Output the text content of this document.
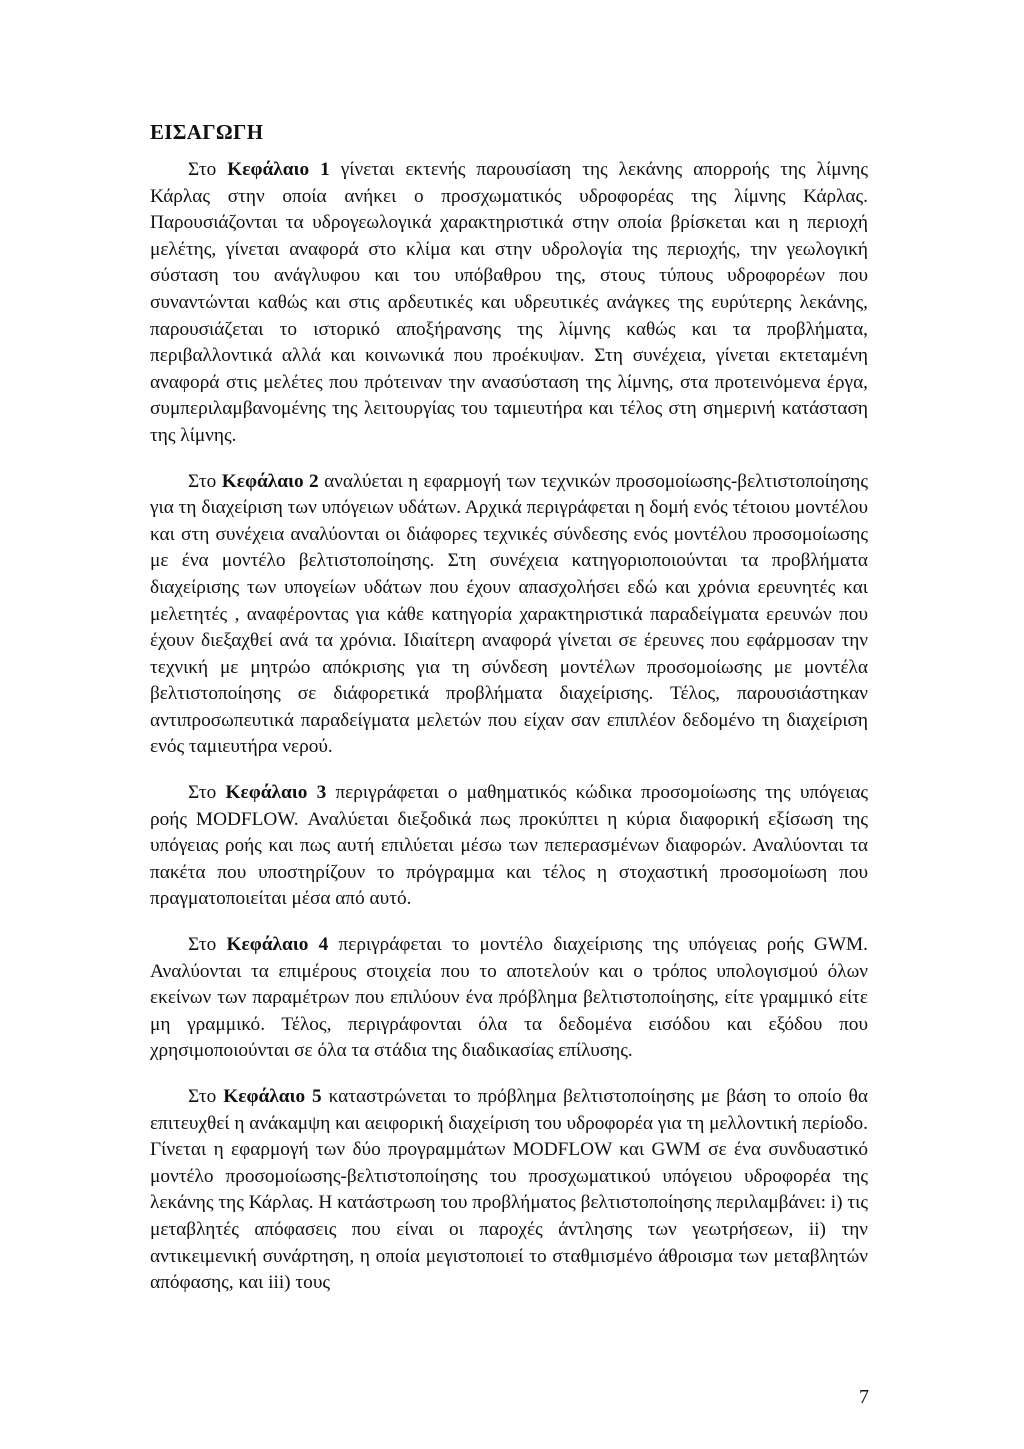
ΕΙΣΑΓΩΓΗ

Στο Κεφάλαιο 1 γίνεται εκτενής παρουσίαση της λεκάνης απορροής της λίμνης Κάρλας στην οποία ανήκει ο προσχωματικός υδροφορέας της λίμνης Κάρλας. Παρουσιάζονται τα υδρογεωλογικά χαρακτηριστικά στην οποία βρίσκεται και η περιοχή μελέτης, γίνεται αναφορά στο κλίμα και στην υδρολογία της περιοχής, την γεωλογική σύσταση του ανάγλυφου και του υπόβαθρου της, στους τύπους υδροφορέων που συναντώνται καθώς και στις αρδευτικές και υδρευτικές ανάγκες της ευρύτερης λεκάνης, παρουσιάζεται το ιστορικό αποξήρανσης της λίμνης καθώς και τα προβλήματα, περιβαλλοντικά αλλά και κοινωνικά που προέκυψαν. Στη συνέχεια, γίνεται εκτεταμένη αναφορά στις μελέτες που πρότειναν την ανασύσταση της λίμνης, στα προτεινόμενα έργα, συμπεριλαμβανομένης της λειτουργίας του ταμιευτήρα και τέλος στη σημερινή κατάσταση της λίμνης.

Στο Κεφάλαιο 2 αναλύεται η εφαρμογή των τεχνικών προσομοίωσης-βελτιστοποίησης για τη διαχείριση των υπόγειων υδάτων. Αρχικά περιγράφεται η δομή ενός τέτοιου μοντέλου και στη συνέχεια αναλύονται οι διάφορες τεχνικές σύνδεσης ενός μοντέλου προσομοίωσης με ένα μοντέλο βελτιστοποίησης. Στη συνέχεια κατηγοριοποιούνται τα προβλήματα διαχείρισης των υπογείων υδάτων που έχουν απασχολήσει εδώ και χρόνια ερευνητές και μελετητές , αναφέροντας για κάθε κατηγορία χαρακτηριστικά παραδείγματα ερευνών που έχουν διεξαχθεί ανά τα χρόνια. Ιδιαίτερη αναφορά γίνεται σε έρευνες που εφάρμοσαν την τεχνική με μητρώο απόκρισης για τη σύνδεση μοντέλων προσομοίωσης με μοντέλα βελτιστοποίησης σε διάφορετικά προβλήματα διαχείρισης. Τέλος, παρουσιάστηκαν αντιπροσωπευτικά παραδείγματα μελετών που είχαν σαν επιπλέον δεδομένο τη διαχείριση ενός ταμιευτήρα νερού.

Στο Κεφάλαιο 3 περιγράφεται ο μαθηματικός κώδικα προσομοίωσης της υπόγειας ροής MODFLOW. Αναλύεται διεξοδικά πως προκύπτει η κύρια διαφορική εξίσωση της υπόγειας ροής και πως αυτή επιλύεται μέσω των πεπερασμένων διαφορών. Αναλύονται τα πακέτα που υποστηρίζουν το πρόγραμμα και τέλος η στοχαστική προσομοίωση που πραγματοποιείται μέσα από αυτό.

Στο Κεφάλαιο 4 περιγράφεται το μοντέλο διαχείρισης της υπόγειας ροής GWM. Αναλύονται τα επιμέρους στοιχεία που το αποτελούν και ο τρόπος υπολογισμού όλων εκείνων των παραμέτρων που επιλύουν ένα πρόβλημα βελτιστοποίησης, είτε γραμμικό είτε μη γραμμικό. Τέλος, περιγράφονται όλα τα δεδομένα εισόδου και εξόδου που χρησιμοποιούνται σε όλα τα στάδια της διαδικασίας επίλυσης.

Στο Κεφάλαιο 5 καταστρώνεται το πρόβλημα βελτιστοποίησης με βάση το οποίο θα επιτευχθεί η ανάκαμψη και αειφορική διαχείριση του υδροφορέα για τη μελλοντική περίοδο. Γίνεται η εφαρμογή των δύο προγραμμάτων MODFLOW και GWM σε ένα συνδυαστικό μοντέλο προσομοίωσης-βελτιστοποίησης του προσχωματικού υπόγειου υδροφορέα της λεκάνης της Κάρλας. Η κατάστρωση του προβλήματος βελτιστοποίησης περιλαμβάνει: i) τις μεταβλητές απόφασεις που είναι οι παροχές άντλησης των γεωτρήσεων, ii) την αντικειμενική συνάρτηση, η οποία μεγιστοποιεί το σταθμισμένο άθροισμα των μεταβλητών απόφασης, και iii) τους

7
